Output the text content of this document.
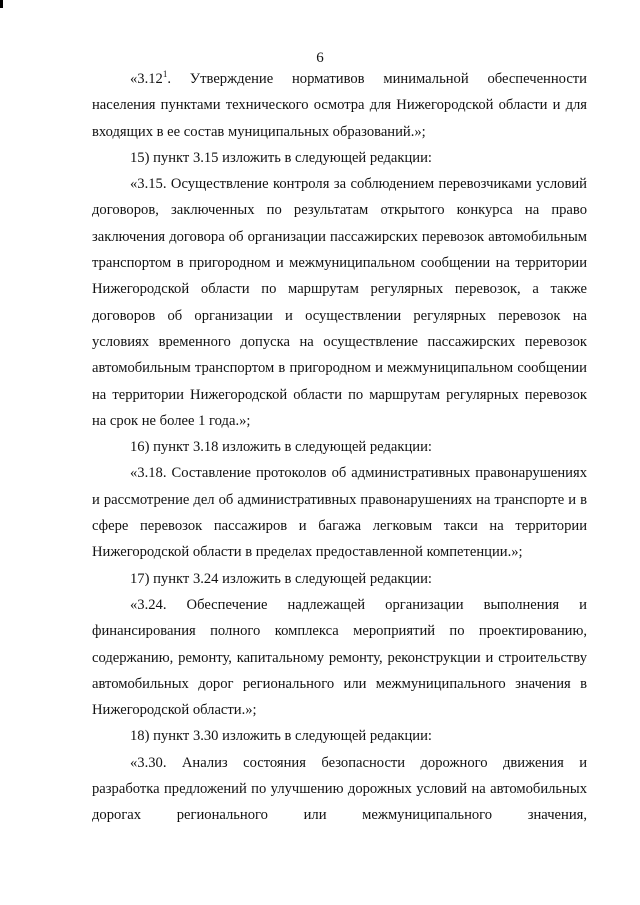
6

«3.12$^1$. Утверждение нормативов минимальной обеспеченности населения пунктами технического осмотра для Нижегородской области и для входящих в ее состав муниципальных образований.»;

15) пункт 3.15 изложить в следующей редакции:

«3.15. Осуществление контроля за соблюдением перевозчиками условий договоров, заключенных по результатам открытого конкурса на право заключения договора об организации пассажирских перевозок автомобильным транспортом в пригородном и межмуниципальном сообщении на территории Нижегородской области по маршрутам регулярных перевозок, а также договоров об организации и осуществлении регулярных перевозок на условиях временного допуска на осуществление пассажирских перевозок автомобильным транспортом в пригородном и межмуниципальном сообщении на территории Нижегородской области по маршрутам регулярных перевозок на срок не более 1 года.»;

16) пункт 3.18 изложить в следующей редакции:

«3.18. Составление протоколов об административных правонарушениях и рассмотрение дел об административных правонарушениях на транспорте и в сфере перевозок пассажиров и багажа легковым такси на территории Нижегородской области в пределах предоставленной компетенции.»;

17) пункт 3.24 изложить в следующей редакции:

«3.24. Обеспечение надлежащей организации выполнения и финансирования полного комплекса мероприятий по проектированию, содержанию, ремонту, капитальному ремонту, реконструкции и строительству автомобильных дорог регионального или межмуниципального значения в Нижегородской области.»;

18) пункт 3.30 изложить в следующей редакции:

«3.30. Анализ состояния безопасности дорожного движения и разработка предложений по улучшению дорожных условий на автомобильных дорогах регионального или межмуниципального значения,
